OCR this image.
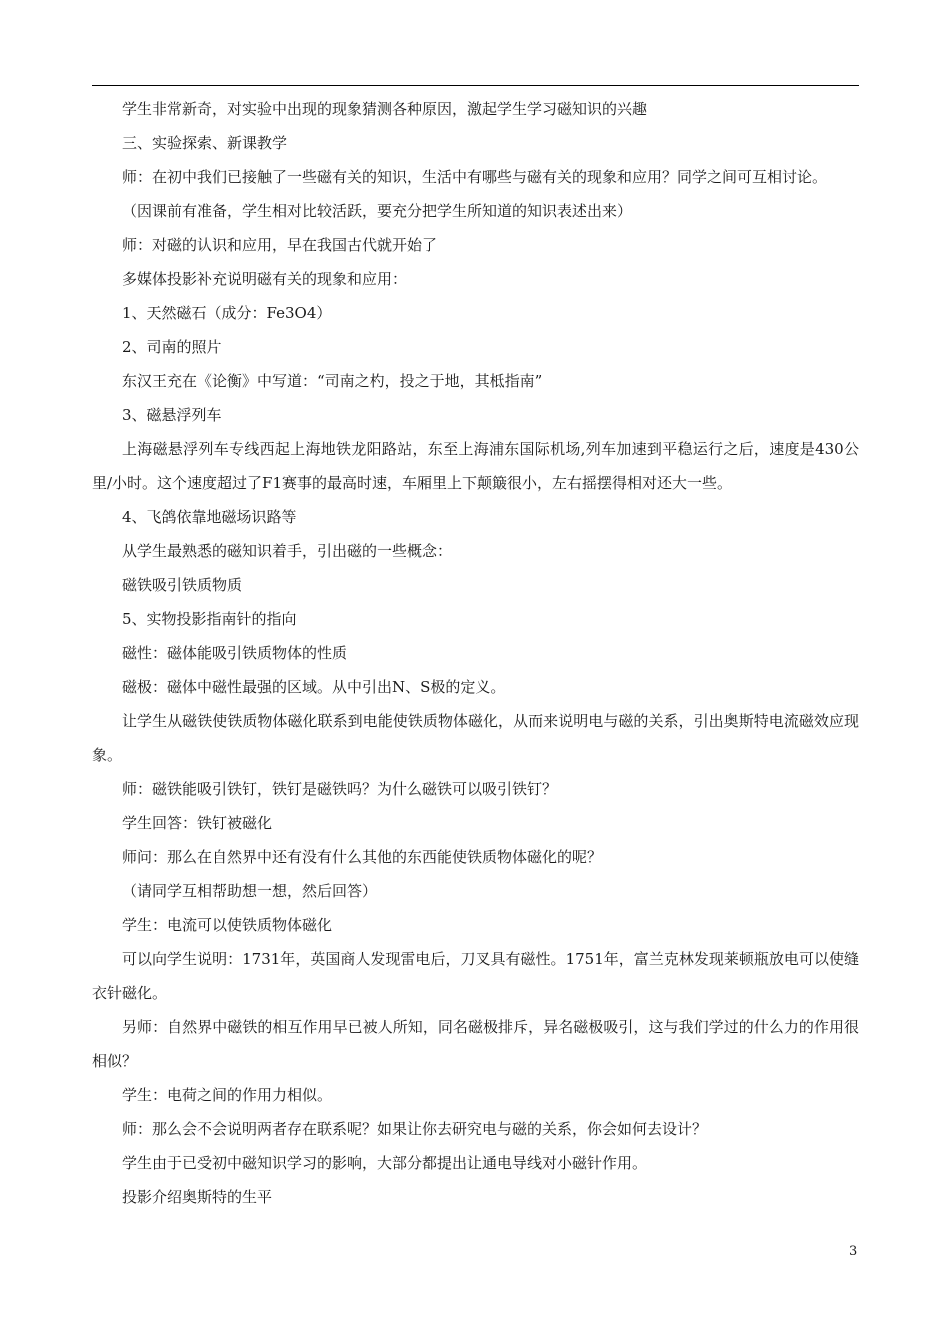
学生非常新奇，对实验中出现的现象猜测各种原因，激起学生学习磁知识的兴趣

三、实验探索、新课教学

师：在初中我们已接触了一些磁有关的知识，生活中有哪些与磁有关的现象和应用？同学之间可互相讨论。

（因课前有准备，学生相对比较活跃，要充分把学生所知道的知识表述出来）

师：对磁的认识和应用，早在我国古代就开始了

多媒体投影补充说明磁有关的现象和应用：

1、天然磁石（成分：Fe3O4）

2、司南的照片

东汉王充在《论衡》中写道：“司南之杓，投之于地，其柢指南”

3、磁悬浮列车

上海磁悬浮列车专线西起上海地铁龙阳路站，东至上海浦东国际机场,列车加速到平稳运行之后，速度是430公里/小时。这个速度超过了F1赛事的最高时速，车厢里上下颠簸很小，左右摇摆得相对还大一些。

4、飞鸽依靠地磁场识路等

从学生最熟悉的磁知识着手，引出磁的一些概念：

磁铁吸引铁质物质

5、实物投影指南针的指向

磁性：磁体能吸引铁质物体的性质

磁极：磁体中磁性最强的区域。从中引出N、S极的定义。

让学生从磁铁使铁质物体磁化联系到电能使铁质物体磁化，从而来说明电与磁的关系，引出奥斯特电流磁效应现象。

师：磁铁能吸引铁钉，铁钉是磁铁吗？为什么磁铁可以吸引铁钉？

学生回答：铁钉被磁化

师问：那么在自然界中还有没有什么其他的东西能使铁质物体磁化的呢？

（请同学互相帮助想一想，然后回答）

学生：电流可以使铁质物体磁化

可以向学生说明：1731年，英国商人发现雷电后，刀叉具有磁性。1751年，富兰克林发现莱顿瓶放电可以使缝衣针磁化。

另师：自然界中磁铁的相互作用早已被人所知，同名磁极排斥，异名磁极吸引，这与我们学过的什么力的作用很相似？

学生：电荷之间的作用力相似。

师：那么会不会说明两者存在联系呢？如果让你去研究电与磁的关系，你会如何去设计？

学生由于已受初中磁知识学习的影响，大部分都提出让通电导线对小磁针作用。

投影介绍奥斯特的生平

3
